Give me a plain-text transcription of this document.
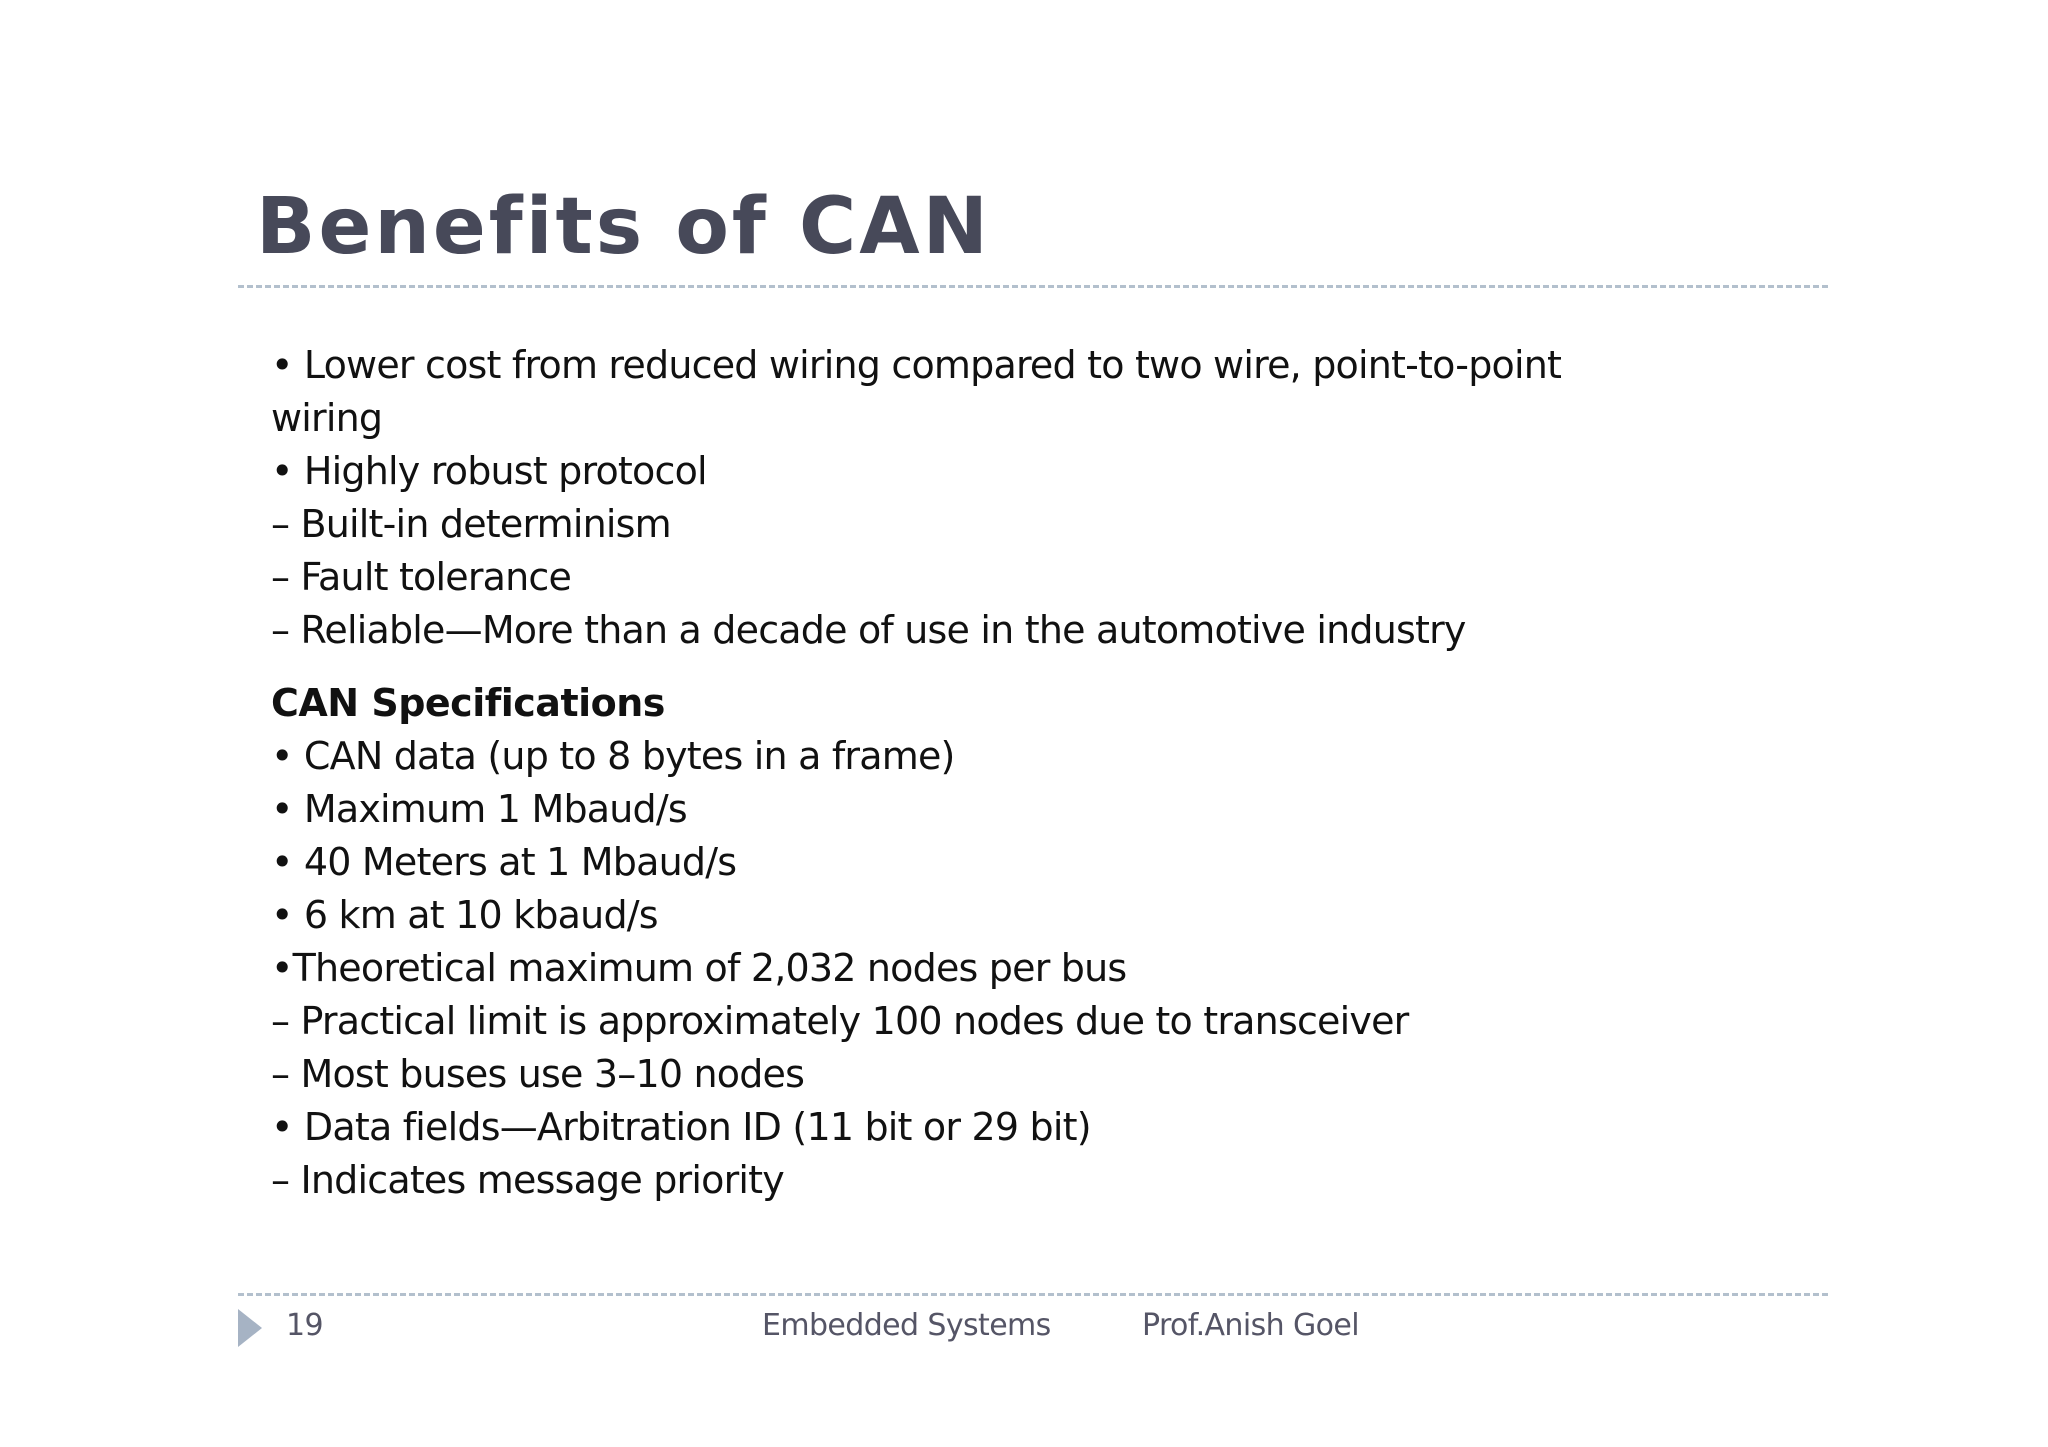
Benefits of CAN
• Lower cost from reduced wiring compared to two wire, point-to-point
wiring
• Highly robust protocol
– Built-in determinism
– Fault tolerance
– Reliable—More than a decade of use in the automotive industry
CAN Specifications
• CAN data (up to 8 bytes in a frame)
• Maximum 1 Mbaud/s
• 40 Meters at 1 Mbaud/s
• 6 km at 10 kbaud/s
•Theoretical maximum of 2,032 nodes per bus
– Practical limit is approximately 100 nodes due to transceiver
– Most buses use 3–10 nodes
• Data fields—Arbitration ID (11 bit or 29 bit)
– Indicates message priority
19	Embedded Systems	Prof.Anish Goel
